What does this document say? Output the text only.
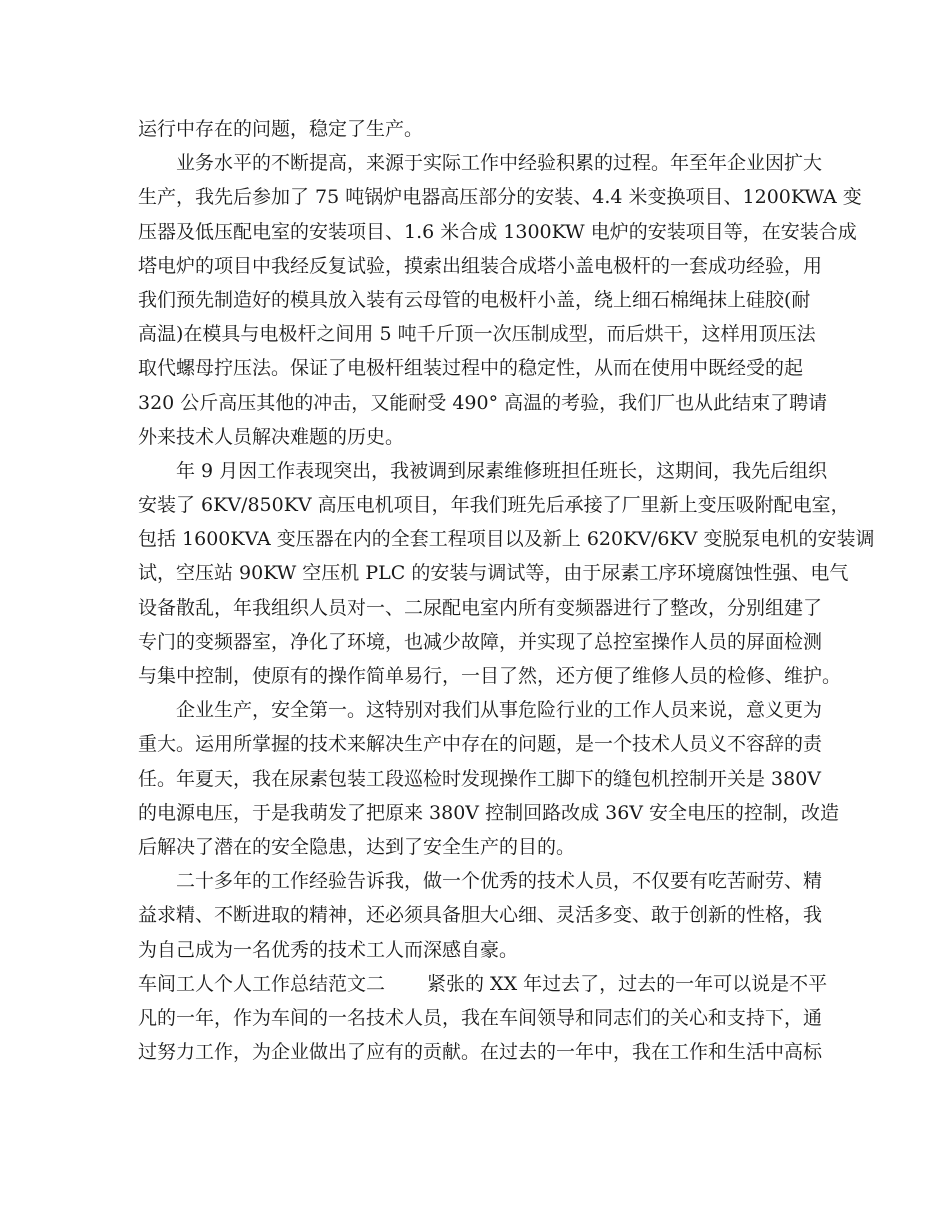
运行中存在的问题，稳定了生产。
业务水平的不断提高，来源于实际工作中经验积累的过程。年至年企业因扩大
生产，我先后参加了 75 吨锅炉电器高压部分的安装、4.4 米变换项目、1200KWA 变
压器及低压配电室的安装项目、1.6 米合成 1300KW 电炉的安装项目等，在安装合成
塔电炉的项目中我经反复试验，摸索出组装合成塔小盖电极杆的一套成功经验，用
我们预先制造好的模具放入装有云母管的电极杆小盖，绕上细石棉绳抹上硅胶(耐
高温)在模具与电极杆之间用 5 吨千斤顶一次压制成型，而后烘干，这样用顶压法
取代螺母拧压法。保证了电极杆组装过程中的稳定性，从而在使用中既经受的起
320 公斤高压其他的冲击，又能耐受 490° 高温的考验，我们厂也从此结束了聘请
外来技术人员解决难题的历史。
年 9 月因工作表现突出，我被调到尿素维修班担任班长，这期间，我先后组织
安装了 6KV/850KV 高压电机项目，年我们班先后承接了厂里新上变压吸附配电室，
包括 1600KVA 变压器在内的全套工程项目以及新上 620KV/6KV 变脱泵电机的安装调
试，空压站 90KW 空压机 PLC 的安装与调试等，由于尿素工序环境腐蚀性强、电气
设备散乱，年我组织人员对一、二尿配电室内所有变频器进行了整改，分别组建了
专门的变频器室，净化了环境，也减少故障，并实现了总控室操作人员的屏面检测
与集中控制，使原有的操作简单易行，一目了然，还方便了维修人员的检修、维护。
企业生产，安全第一。这特别对我们从事危险行业的工作人员来说，意义更为
重大。运用所掌握的技术来解决生产中存在的问题，是一个技术人员义不容辞的责
任。年夏天，我在尿素包装工段巡检时发现操作工脚下的缝包机控制开关是 380V
的电源电压，于是我萌发了把原来 380V 控制回路改成 36V 安全电压的控制，改造
后解决了潜在的安全隐患，达到了安全生产的目的。
二十多年的工作经验告诉我，做一个优秀的技术人员，不仅要有吃苦耐劳、精
益求精、不断进取的精神，还必须具备胆大心细、灵活多变、敢于创新的性格，我
为自己成为一名优秀的技术工人而深感自豪。
车间工人个人工作总结范文二 紧张的 XX 年过去了，过去的一年可以说是不平
凡的一年，作为车间的一名技术人员，我在车间领导和同志们的关心和支持下，通
过努力工作，为企业做出了应有的贡献。在过去的一年中，我在工作和生活中高标
